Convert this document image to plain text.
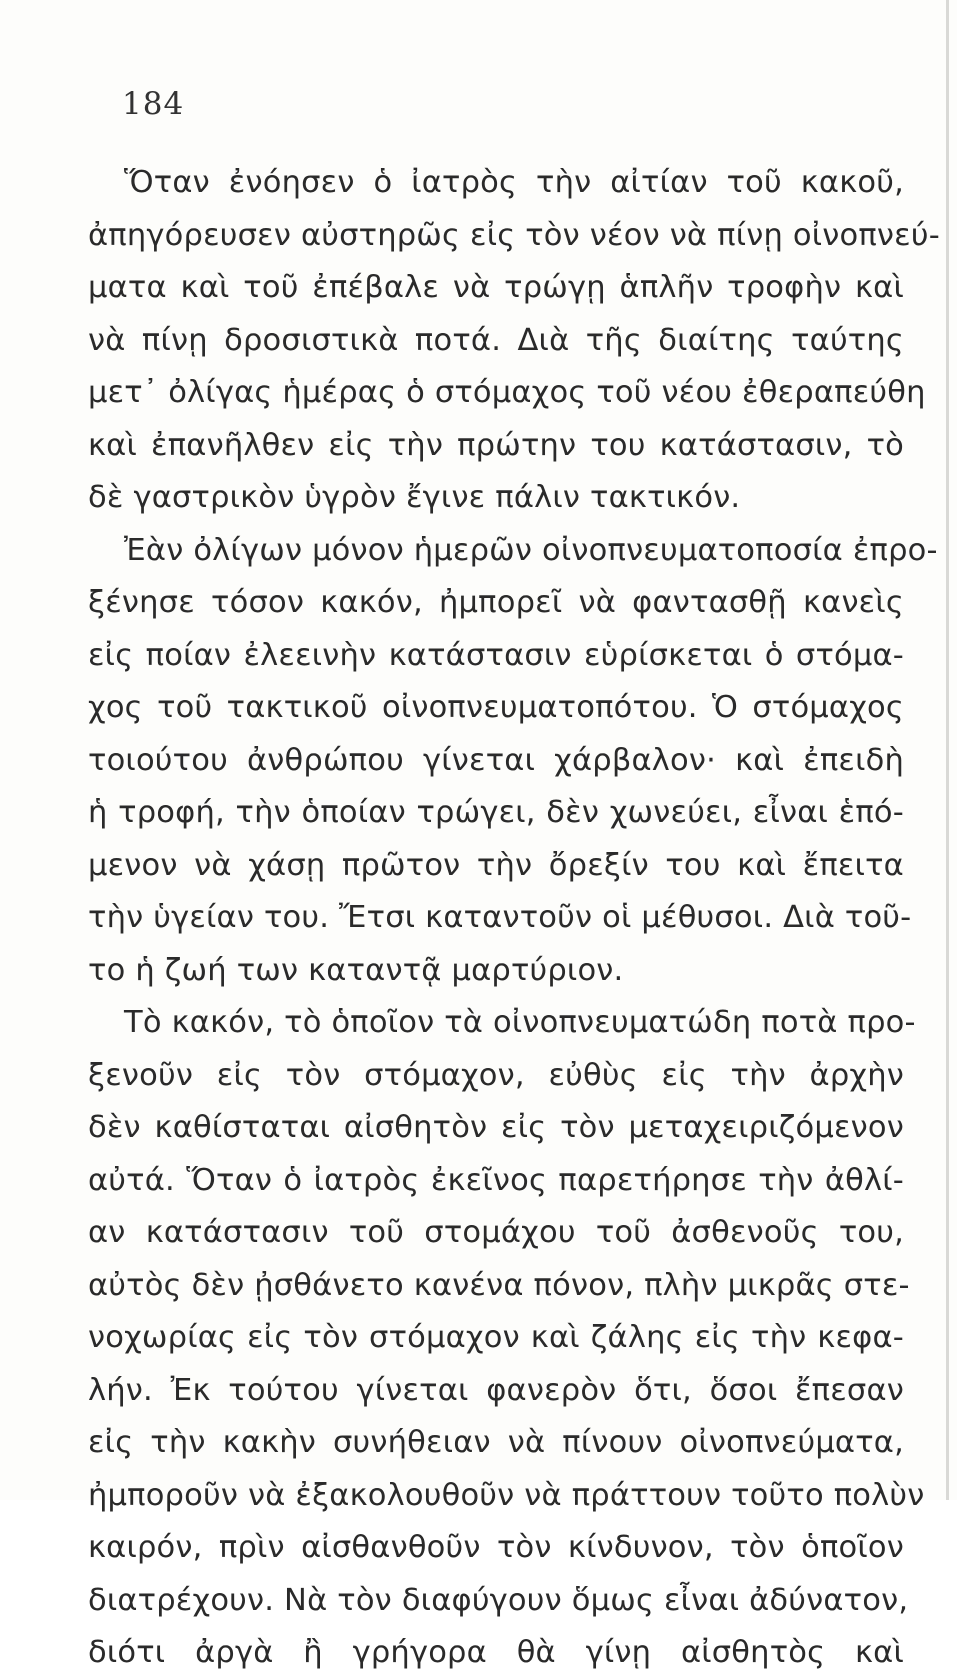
184
Ὅταν ἐνόησεν ὁ ἰατρὸς τὴν αἰτίαν τοῦ κακοῦ,
ἀπηγόρευσεν αὐστηρῶς εἰς τὸν νέον νὰ πίνῃ οἰνοπνεύ-
ματα καὶ τοῦ ἐπέβαλε νὰ τρώγῃ ἁπλῆν τροφὴν καὶ
νὰ πίνῃ δροσιστικὰ ποτά. Διὰ τῆς διαίτης ταύτης
μετ᾽ ὀλίγας ἡμέρας ὁ στόμαχος τοῦ νέου ἐθεραπεύθη
καὶ ἐπανῆλθεν εἰς τὴν πρώτην του κατάστασιν, τὸ
δὲ γαστρικὸν ὑγρὸν ἔγινε πάλιν τακτικόν.
Ἐὰν ὀλίγων μόνον ἡμερῶν οἰνοπνευματοποσία ἐπρο-
ξένησε τόσον κακόν, ἠμπορεῖ νὰ φαντασθῇ κανεὶς
εἰς ποίαν ἐλεεινὴν κατάστασιν εὑρίσκεται ὁ στόμα-
χος τοῦ τακτικοῦ οἰνοπνευματοπότου. Ὁ στόμαχος
τοιούτου ἀνθρώπου γίνεται χάρβαλον· καὶ ἐπειδὴ
ἡ τροφή, τὴν ὁποίαν τρώγει, δὲν χωνεύει, εἶναι ἑπό-
μενον νὰ χάσῃ πρῶτον τὴν ὄρεξίν του καὶ ἔπειτα
τὴν ὑγείαν του. Ἔτσι καταντοῦν οἱ μέθυσοι. Διὰ τοῦ-
το ἡ ζωή των καταντᾷ μαρτύριον.
Τὸ κακόν, τὸ ὁποῖον τὰ οἰνοπνευματώδη ποτὰ προ-
ξενοῦν εἰς τὸν στόμαχον, εὐθὺς εἰς τὴν ἀρχὴν
δὲν καθίσταται αἰσθητὸν εἰς τὸν μεταχειριζόμενον
αὐτά. Ὅταν ὁ ἰατρὸς ἐκεῖνος παρετήρησε τὴν ἀθλί-
αν κατάστασιν τοῦ στομάχου τοῦ ἀσθενοῦς του,
αὐτὸς δὲν ᾐσθάνετο κανένα πόνον, πλὴν μικρᾶς στε-
νοχωρίας εἰς τὸν στόμαχον καὶ ζάλης εἰς τὴν κεφα-
λήν. Ἐκ τούτου γίνεται φανερὸν ὅτι, ὅσοι ἔπεσαν
εἰς τὴν κακὴν συνήθειαν νὰ πίνουν οἰνοπνεύματα,
ἠμποροῦν νὰ ἐξακολουθοῦν νὰ πράττουν τοῦτο πολὺν
καιρόν, πρὶν αἰσθανθοῦν τὸν κίνδυνον, τὸν ὁποῖον
διατρέχουν. Νὰ τὸν διαφύγουν ὅμως εἶναι ἀδύνατον,
διότι ἀργὰ ἢ γρήγορα θὰ γίνῃ αἰσθητὸς καὶ
